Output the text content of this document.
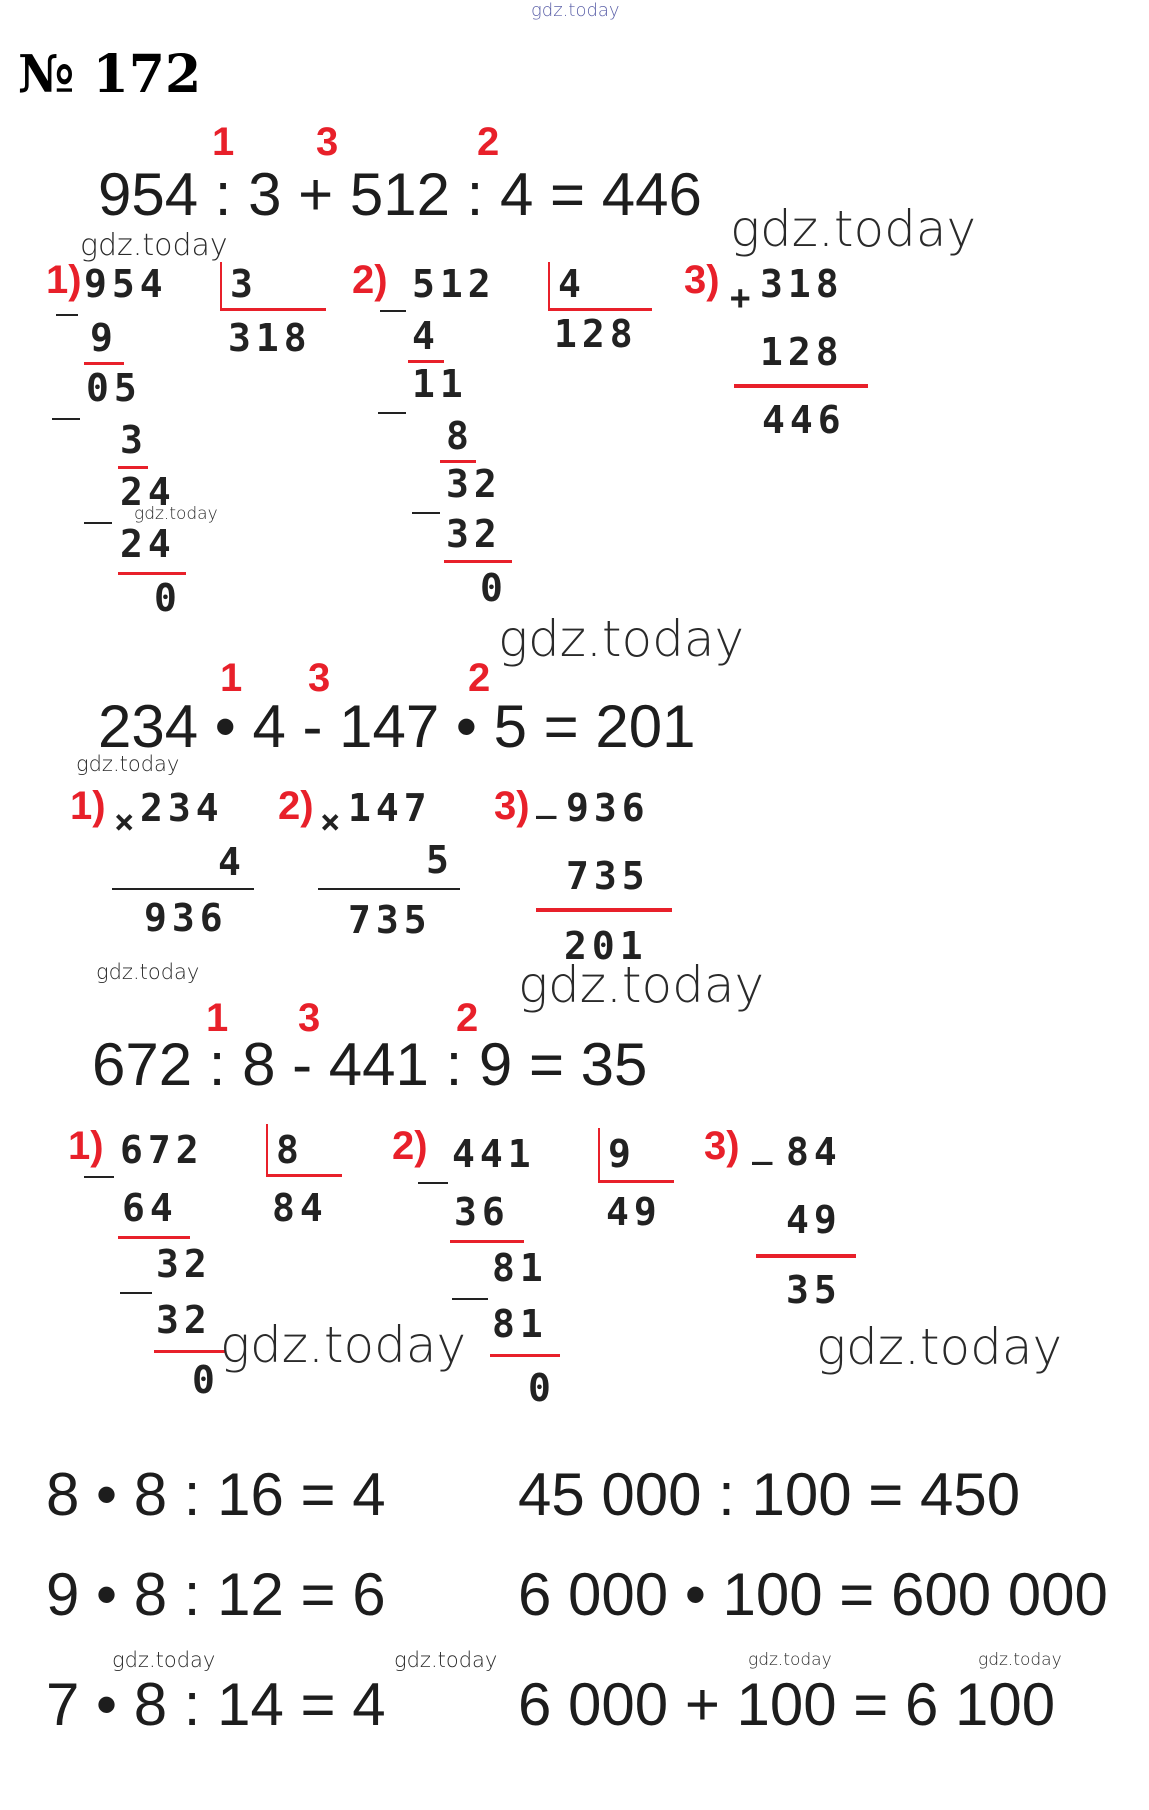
gdz.today
№ 172
1 3	2
954 : 3 + 512 : 4 = 446
1) 954 3
318
9
05
3
24
24
0
2) 512 4
128
4
11
8
32
32
0
3) + 318
128
446
1 3	2
234 • 4 - 147 • 5 = 201
1) × 234
4
936
2) × 147
5
735
3) _ 936
735
201
1 3	2
672 : 8 - 441 : 9 = 35
1) 672 8
84
64
32
32
0
2) 441 9
49
36
81
81
0
3) _ 84
49
35
8 • 8 : 16 = 4
9 • 8 : 12 = 6
7 • 8 : 14 = 4
45 000 : 100 = 450
6 000 • 100 = 600 000
6 000 + 100 = 6 100
gdz.today	gdz.today
gdz.today
gdz.today
gdz.today
gdz.today	gdz.today
gdz.today	gdz.today
gdz.today	gdz.today	gdz.today	gdz.today
